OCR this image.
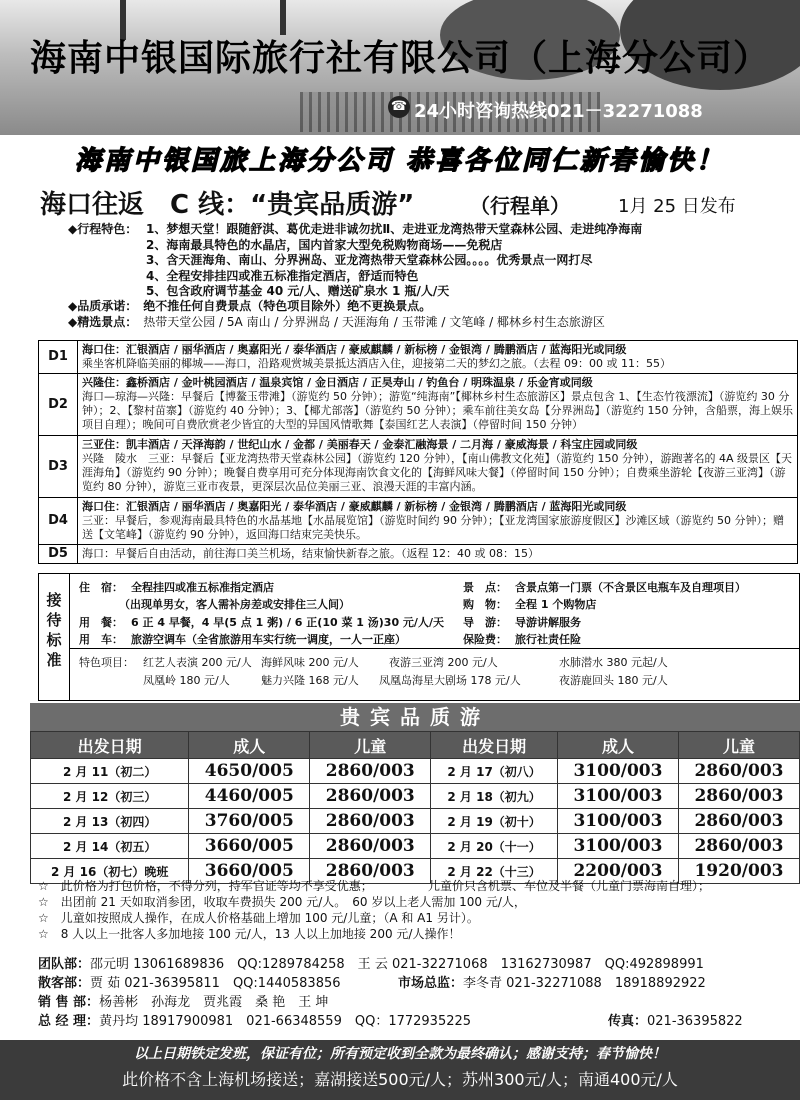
海南中银国际旅行社有限公司（上海分公司）
☎ 24小时咨询热线021－32271088
海南中银国旅上海分公司 恭喜各位同仁新春愉快！
海口往返　C 线：“贵宾品质游”	（行程单）	1月 25 日发布
◆行程特色： 1、梦想天堂！跟随舒淇、葛优走进非诚勿扰Ⅱ、走进亚龙湾热带天堂森林公园、走进纯净海南
2、海南最具特色的水晶店，国内首家大型免税购物商场——免税店
3、含天涯海角、南山、分界洲岛、亚龙湾热带天堂森林公园。。。。优秀景点一网打尽
4、全程安排挂四或准五标准指定酒店，舒适而特色
5、包含政府调节基金 40 元/人、赠送矿泉水 1 瓶/人/天
◆品质承诺： 绝不推任何自费景点（特色项目除外）绝不更换景点。
◆精选景点： 热带天堂公园 / 5A 南山 / 分界洲岛 / 天涯海角 / 玉带滩 / 文笔峰 / 椰林乡村生态旅游区
D1	海口住：汇银酒店 / 丽华酒店 / 奥嘉阳光 / 泰华酒店 / 豪威麒麟 / 新标榜 / 金银湾 / 腾鹏酒店 / 蓝海阳光或同级
乘坐客机降临美丽的椰城——海口，沿路观赏城美景抵达酒店入住，迎接第二天的梦幻之旅。（去程 09：00 或 11：55）

D2	兴隆住：鑫桥酒店 / 金叶桃园酒店 / 温泉宾馆 / 金日酒店 / 正昊寿山 / 钓鱼台 / 明珠温泉 / 乐金宵或同级
海口—琼海—兴隆：早餐后【博鳌玉带滩】（游览约 50 分钟）；游览“纯海南”【椰林乡村生态旅游区】景点包含 1、【生态竹筏漂流】（游览约 30 分钟）；2、【黎村苗寨】（游览约 40 分钟）；3、【椰尤部落】（游览约 50 分钟）；乘车前往美女岛【分界洲岛】（游览约 150 分钟，含船票，海上娱乐项目自理）；晚间可自费欣赏老少皆宜的大型的异国风情歌舞【泰国红艺人表演】（停留时间 150 分钟）

D3	三亚住：凯丰酒店 / 天泽海韵 / 世纪山水 / 金都 / 美丽春天 / 金泰汇融海景 / 二月海 / 豪威海景 / 科宝庄园或同级
兴隆　陵水　三亚：早餐后【亚龙湾热带天堂森林公园】（游览约 120 分钟），【南山佛教文化苑】（游览约 150 分钟），游跑著名的 4A 级景区【天涯海角】（游览约 90 分钟）；晚餐自费享用可充分体现海南饮食文化的【海鲜风味大餐】（停留时间 150 分钟）；自费乘坐游轮【夜游三亚湾】（游览约 80 分钟），游览三亚市夜景，更深层次品位美丽三亚、浪漫天涯的丰富内涵。

D4	海口住：汇银酒店 / 丽华酒店 / 奥嘉阳光 / 泰华酒店 / 豪威麒麟 / 新标榜 / 金银湾 / 腾鹏酒店 / 蓝海阳光或同级
三亚：早餐后，参观海南最具特色的水晶基地【水晶展览馆】（游览时间约 90 分钟）；【亚龙湾国家旅游度假区】沙滩区域（游览约 50 分钟）；赠送【文笔峰】（游览约 90 分钟），返回海口结束完美快乐。

D5	海口：早餐后自由活动，前往海口美兰机场，结束愉快新春之旅。（返程 12：40 或 08：15）
接待标准
住　宿： 全程挂四或准五标准指定酒店
（出现单男女，客人需补房差或安排住三人间）
用　餐： 6 正 4 早餐，4 早(5 点 1 粥) / 6 正(10 菜 1 汤)30 元/人/天
用　车： 旅游空调车（全省旅游用车实行统一调度，一人一正座）
景　点： 含景点第一门票（不含景区电瓶车及自理项目）
购　物： 全程 1 个购物店
导　游： 导游讲解服务
保险费： 旅行社责任险
特色项目： 红艺人表演 200 元/人 海鲜风味 200 元/人	夜游三亚湾 200 元/人	水肺潜水 380 元起/人
凤凰岭 180 元/人	魅力兴隆 168 元/人 凤凰岛海星大剧场 178 元/人	夜游鹿回头 180 元/人
贵宾品质游
出发日期	成人	儿童	出发日期	成人	儿童
2 月 11（初二）	4650/005	2860/003	2 月 17（初八）	3100/003	2860/003
2 月 12（初三）	4460/005	2860/003	2 月 18（初九）	3100/003	2860/003
2 月 13（初四）	3760/005	2860/003	2 月 19（初十）	3100/003	2860/003
2 月 14（初五）	3660/005	2860/003	2 月 20（十一）	3100/003	2860/003
2 月 16（初七）晚班	3660/005	2860/003	2 月 22（十三）	2200/003	1920/003
☆　此价格为打包价格，不得分列，持军官证等均不享受优惠；	儿童价只含机票、车位及半餐（儿童门票海南自理）；
☆　出团前 21 天如取消参团，收取车费损失 200 元/人。　60 岁以上老人需加 100 元/人，
☆　儿童如按照成人操作，在成人价格基础上增加 100 元/儿童；（A 和 A1 另计）。
☆　8 人以上一批客人多加地接 100 元/人，13 人以上加地接 200 元/人操作！
团队部：邵元明 13061689836　QQ:1289784258　王 云 021-32271068　13162730987　QQ:492898991
散客部：贾 茹 021-36395811　QQ:1440583856	市场总监：李冬青 021-32271088　18918892922
销 售 部：杨善彬　孙海龙　贾兆霞　桑 艳　王 坤
总 经 理：黄丹均 18917900981　021-66348559　QQ：1772935225	传真：021-36395822
以上日期铁定发班，保证有位；所有预定收到全款为最终确认；感谢支持；春节愉快！
此价格不含上海机场接送；嘉湖接送500元/人；苏州300元/人；南通400元/人
